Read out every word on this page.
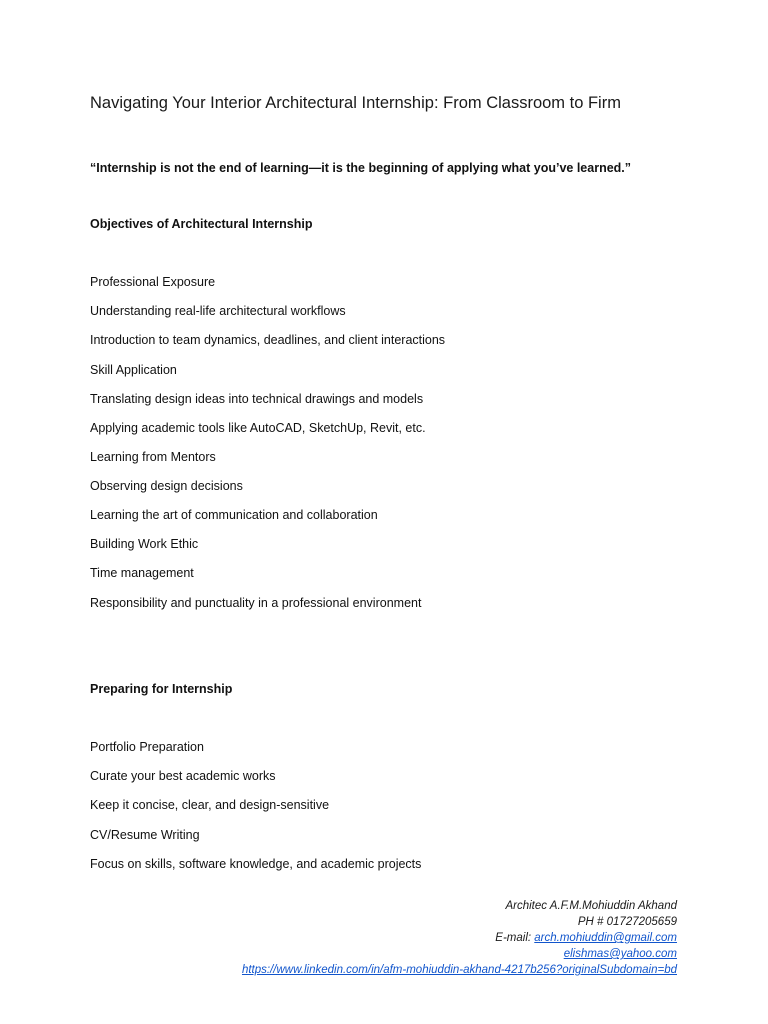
Navigating Your Interior Architectural Internship: From Classroom to Firm
“Internship is not the end of learning—it is the beginning of applying what you’ve learned.”
Objectives of Architectural Internship
Professional Exposure
Understanding real-life architectural workflows
Introduction to team dynamics, deadlines, and client interactions
Skill Application
Translating design ideas into technical drawings and models
Applying academic tools like AutoCAD, SketchUp, Revit, etc.
Learning from Mentors
Observing design decisions
Learning the art of communication and collaboration
Building Work Ethic
Time management
Responsibility and punctuality in a professional environment
Preparing for Internship
Portfolio Preparation
Curate your best academic works
Keep it concise, clear, and design-sensitive
CV/Resume Writing
Focus on skills, software knowledge, and academic projects
Architec A.F.M.Mohiuddin Akhand
PH # 01727205659
E-mail: arch.mohiuddin@gmail.com
elishmas@yahoo.com
https://www.linkedin.com/in/afm-mohiuddin-akhand-4217b256?originalSubdomain=bd
